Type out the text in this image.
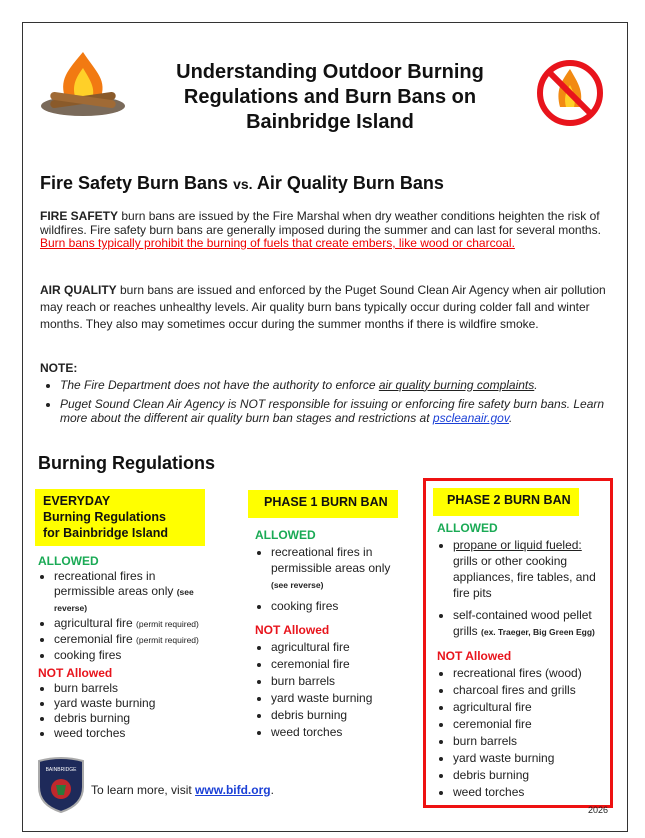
Understanding Outdoor Burning Regulations and Burn Bans on Bainbridge Island
Fire Safety Burn Bans vs. Air Quality Burn Bans

FIRE SAFETY burn bans are issued by the Fire Marshal when dry weather conditions heighten the risk of wildfires. Fire safety burn bans are generally imposed during the summer and can last for several months. Burn bans typically prohibit the burning of fuels that create embers, like wood or charcoal.

AIR QUALITY burn bans are issued and enforced by the Puget Sound Clean Air Agency when air pollution may reach or reaches unhealthy levels. Air quality burn bans typically occur during colder fall and winter months. They also may sometimes occur during the summer months if there is wildfire smoke.

NOTE:
• The Fire Department does not have the authority to enforce air quality burning complaints.
• Puget Sound Clean Air Agency is NOT responsible for issuing or enforcing fire safety burn bans. Learn more about the different air quality burn ban stages and restrictions at pscleanair.gov.
Burning Regulations
EVERYDAY
Burning Regulations
for Bainbridge Island
ALLOWED
• recreational fires in permissible areas only (see reverse)
• agricultural fire (permit required)
• ceremonial fire (permit required)
• cooking fires
NOT Allowed
• burn barrels
• yard waste burning
• debris burning
• weed torches
PHASE 1 BURN BAN
ALLOWED
• recreational fires in permissible areas only
(see reverse)
• cooking fires
NOT Allowed
• agricultural fire
• ceremonial fire
• burn barrels
• yard waste burning
• debris burning
• weed torches
PHASE 2 BURN BAN
ALLOWED
• propane or liquid fueled: grills or other cooking appliances, fire tables, and fire pits
• self-contained wood pellet grills (ex. Traeger, Big Green Egg)
NOT Allowed
• recreational fires (wood)
• charcoal fires and grills
• agricultural fire
• ceremonial fire
• burn barrels
• yard waste burning
• debris burning
• weed torches
BAINBRIDGE
To learn more, visit www.bifd.org.
2026
